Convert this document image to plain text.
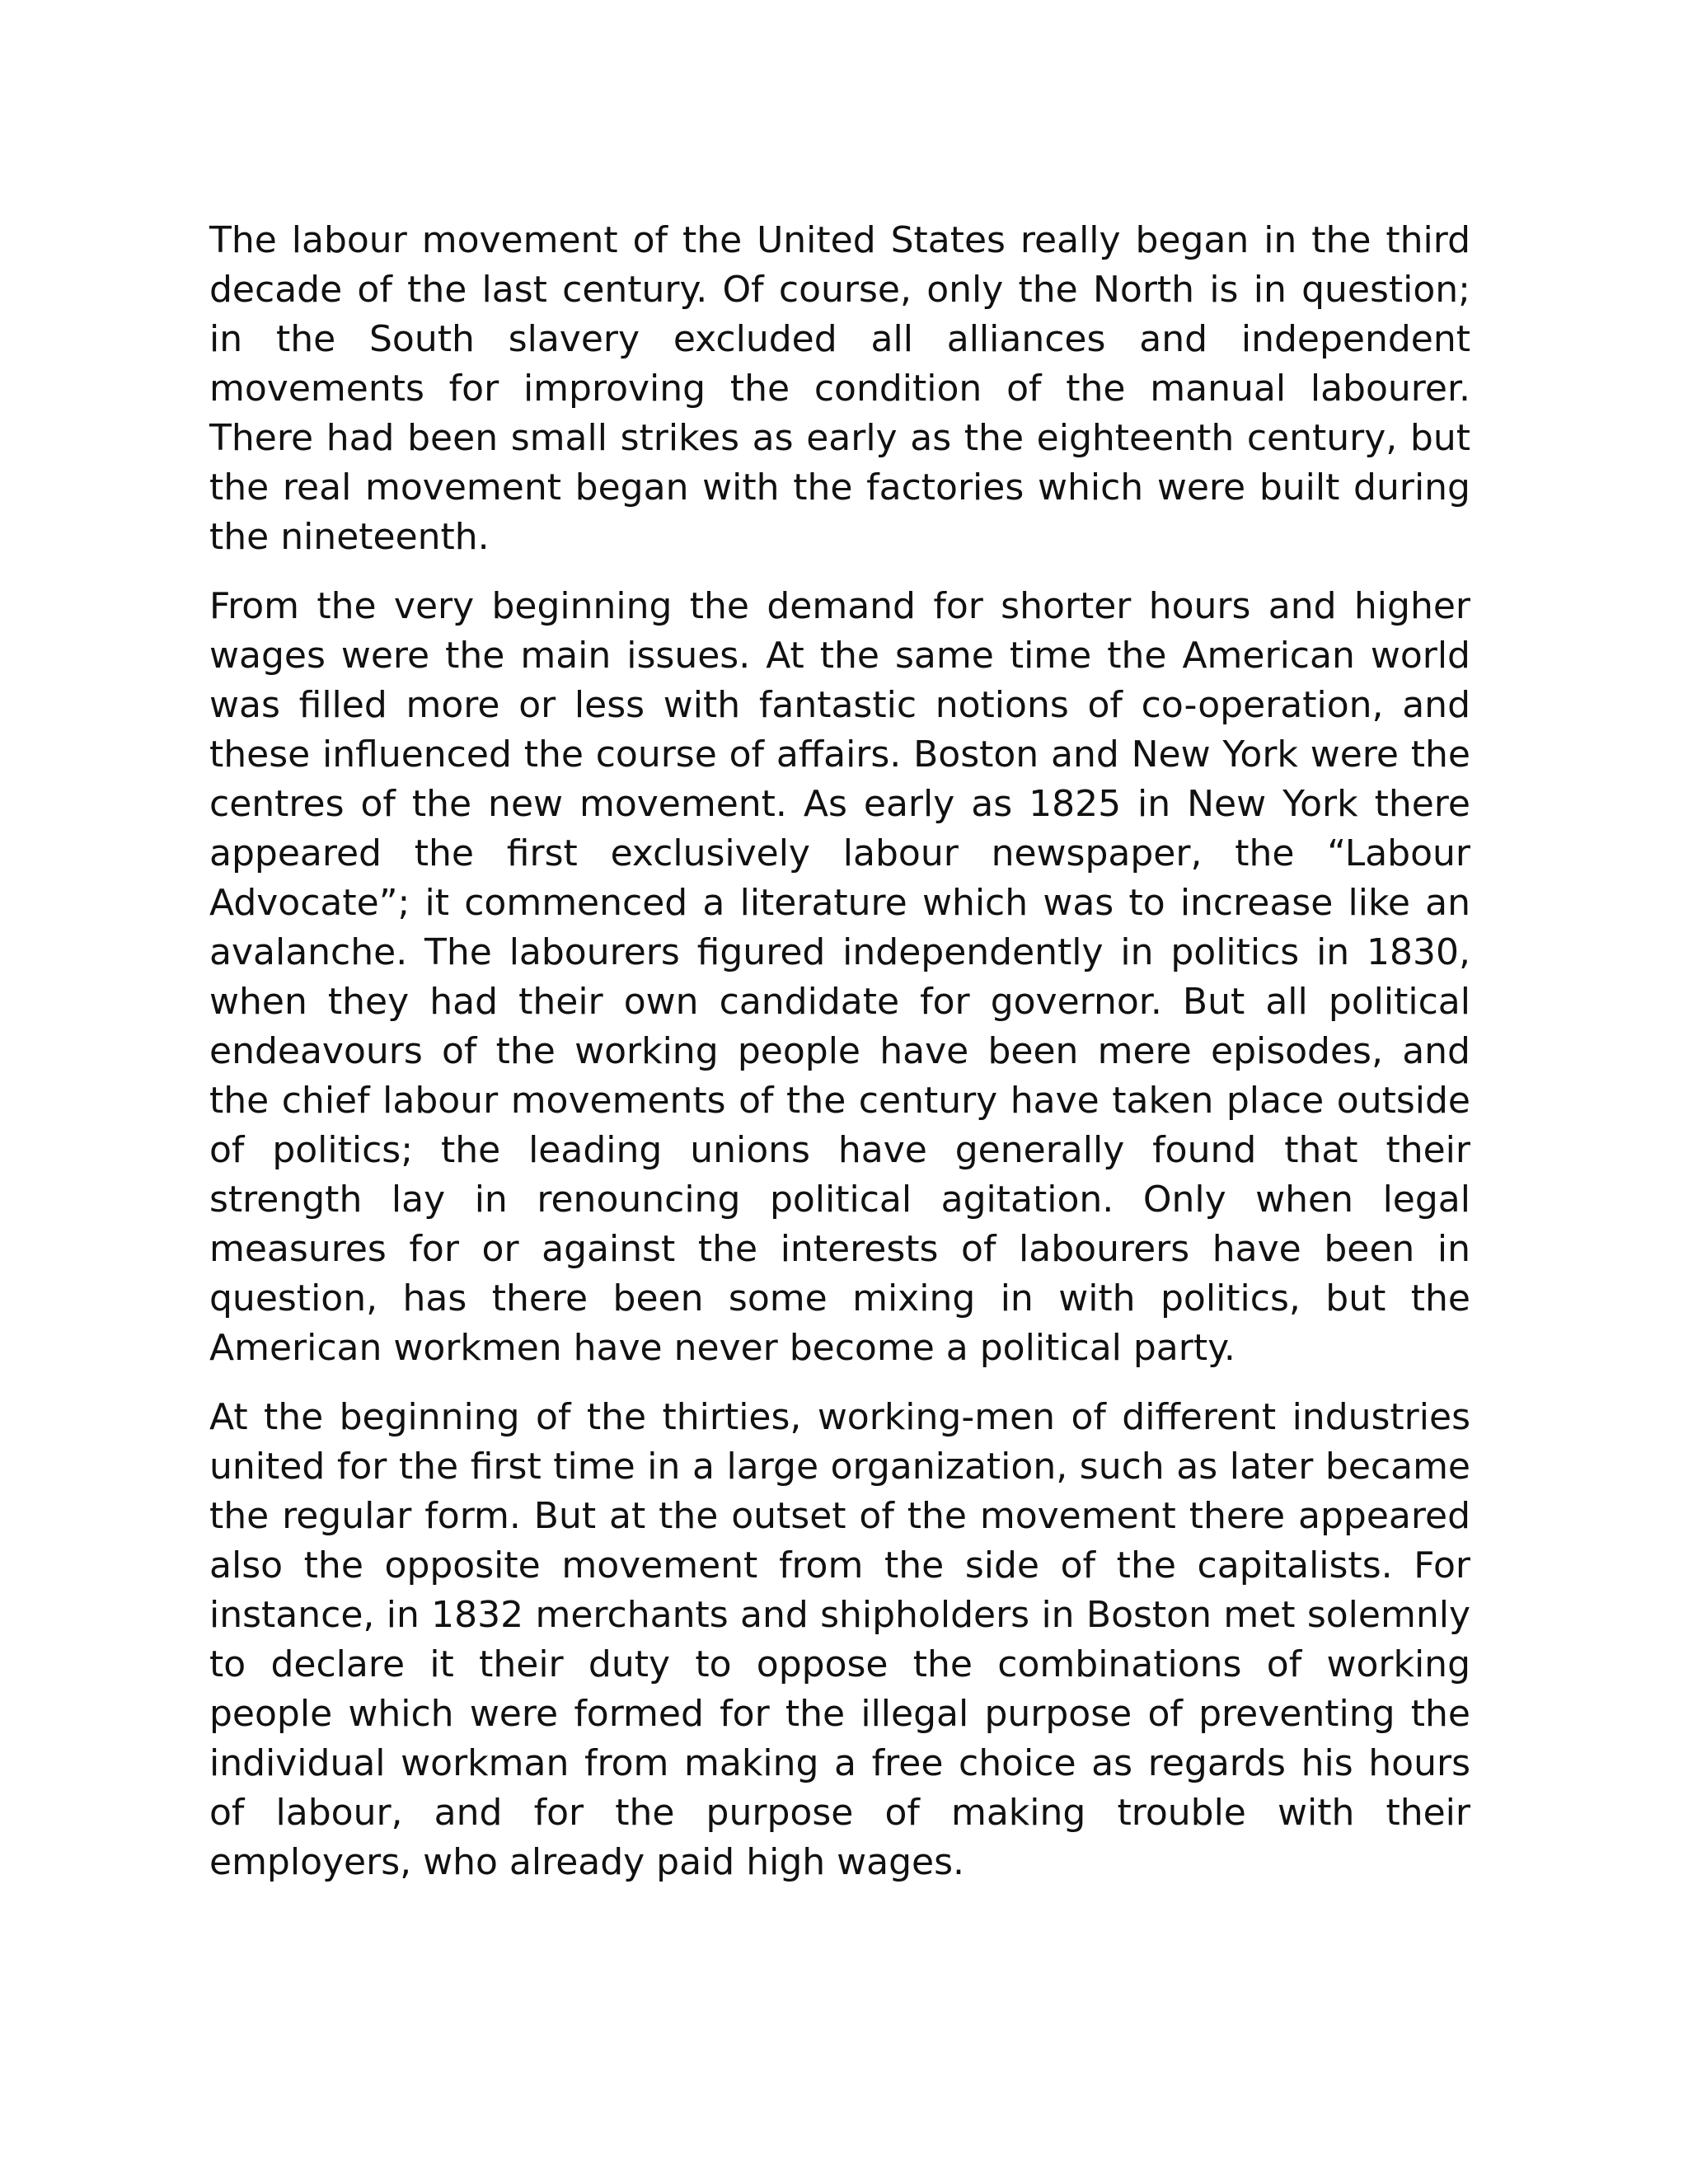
The labour movement of the United States really began in the third decade of the last century. Of course, only the North is in question; in the South slavery excluded all alliances and independent movements for improving the condition of the manual labourer. There had been small strikes as early as the eighteenth century, but the real movement began with the factories which were built during the nineteenth.

From the very beginning the demand for shorter hours and higher wages were the main issues. At the same time the American world was filled more or less with fantastic notions of co-operation, and these influenced the course of affairs. Boston and New York were the centres of the new movement. As early as 1825 in New York there appeared the first exclusively labour newspaper, the “Labour Advocate”; it commenced a literature which was to increase like an avalanche. The labourers figured independently in politics in 1830, when they had their own candidate for governor. But all political endeavours of the working people have been mere episodes, and the chief labour movements of the century have taken place outside of politics; the leading unions have generally found that their strength lay in renouncing political agitation. Only when legal measures for or against the interests of labourers have been in question, has there been some mixing in with politics, but the American workmen have never become a political party.

At the beginning of the thirties, working-men of different industries united for the first time in a large organization, such as later became the regular form. But at the outset of the movement there appeared also the opposite movement from the side of the capitalists. For instance, in 1832 merchants and shipholders in Boston met solemnly to declare it their duty to oppose the combinations of working people which were formed for the illegal purpose of preventing the individual workman from making a free choice as regards his hours of labour, and for the purpose of making trouble with their employers, who already paid high wages.
